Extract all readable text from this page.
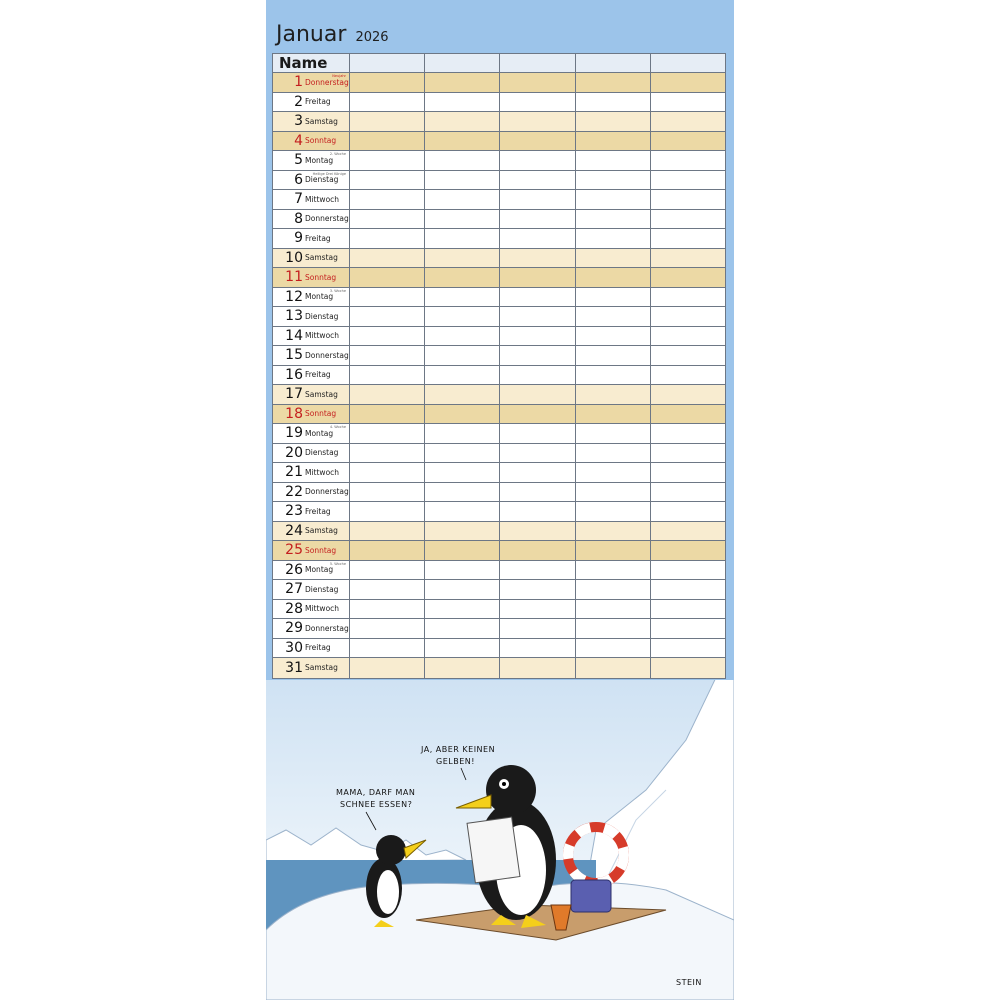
Januar 2026
Name
1 Donnerstag
Neujahr
2 Freitag
3 Samstag
4 Sonntag
5 Montag
2. Woche
6 Dienstag
Heilige Drei Könige
7 Mittwoch
8 Donnerstag
9 Freitag
10 Samstag
11 Sonntag
12 Montag
3. Woche
13 Dienstag
14 Mittwoch
15 Donnerstag
16 Freitag
17 Samstag
18 Sonntag
19 Montag
4. Woche
20 Dienstag
21 Mittwoch
22 Donnerstag
23 Freitag
24 Samstag
25 Sonntag
26 Montag
5. Woche
27 Dienstag
28 Mittwoch
29 Donnerstag
30 Freitag
31 Samstag
MAMA, DARF MAN
SCHNEE ESSEN?
JA, ABER KEINEN
GELBEN!
STEIN
